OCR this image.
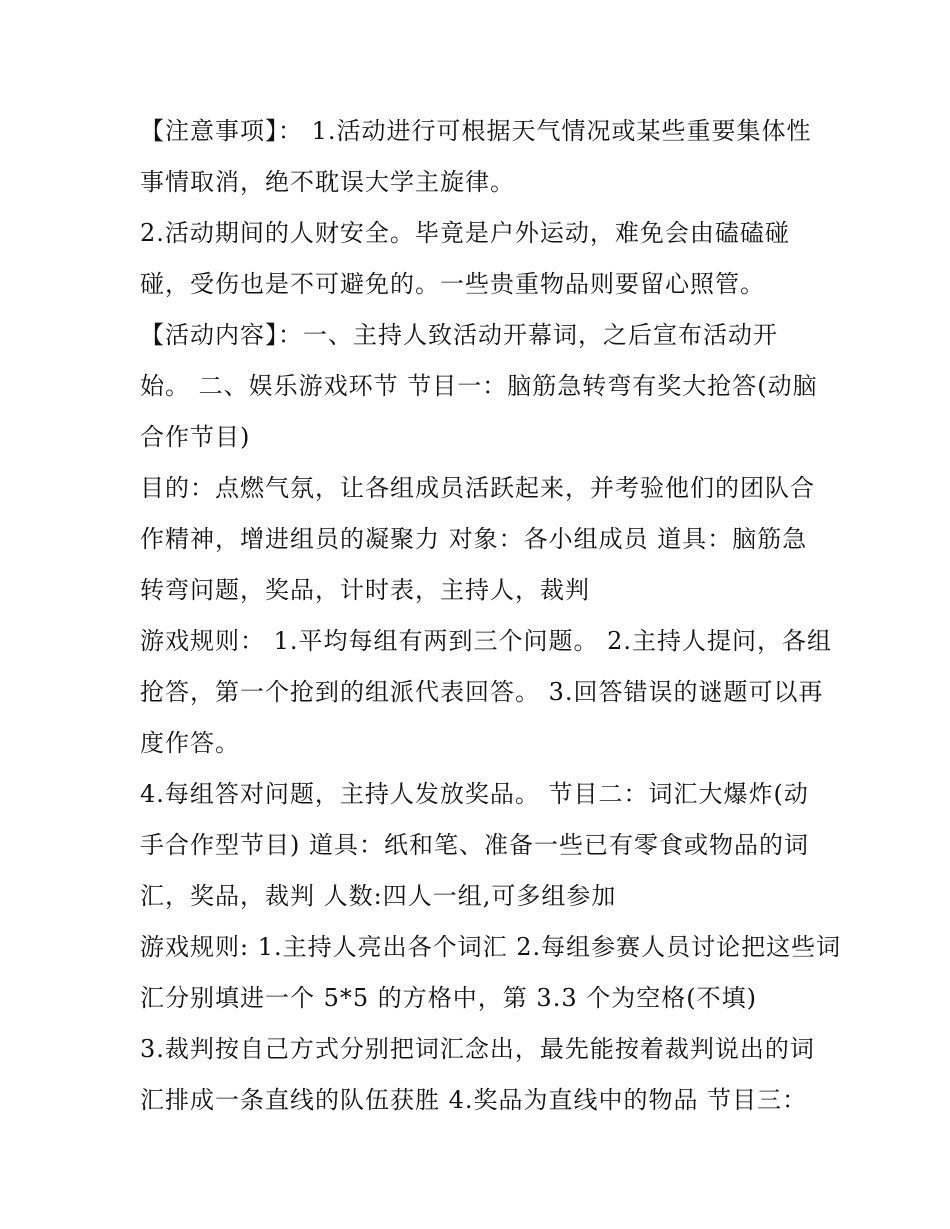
【注意事项】： 1.活动进行可根据天气情况或某些重要集体性
事情取消，绝不耽误大学主旋律。
2.活动期间的人财安全。毕竟是户外运动，难免会由磕磕碰
碰，受伤也是不可避免的。一些贵重物品则要留心照管。
【活动内容】：一、主持人致活动开幕词，之后宣布活动开
始。 二、娱乐游戏环节 节目一：脑筋急转弯有奖大抢答(动脑
合作节目)
目的：点燃气氛，让各组成员活跃起来，并考验他们的团队合
作精神，增进组员的凝聚力 对象：各小组成员 道具：脑筋急
转弯问题，奖品，计时表，主持人，裁判
游戏规则： 1.平均每组有两到三个问题。 2.主持人提问，各组
抢答，第一个抢到的组派代表回答。 3.回答错误的谜题可以再
度作答。
4.每组答对问题，主持人发放奖品。 节目二：词汇大爆炸(动
手合作型节目) 道具：纸和笔、准备一些已有零食或物品的词
汇，奖品，裁判 人数:四人一组,可多组参加
游戏规则: 1.主持人亮出各个词汇 2.每组参赛人员讨论把这些词
汇分别填进一个 5*5 的方格中，第 3.3 个为空格(不填)
3.裁判按自己方式分别把词汇念出，最先能按着裁判说出的词
汇排成一条直线的队伍获胜 4.奖品为直线中的物品 节目三：
